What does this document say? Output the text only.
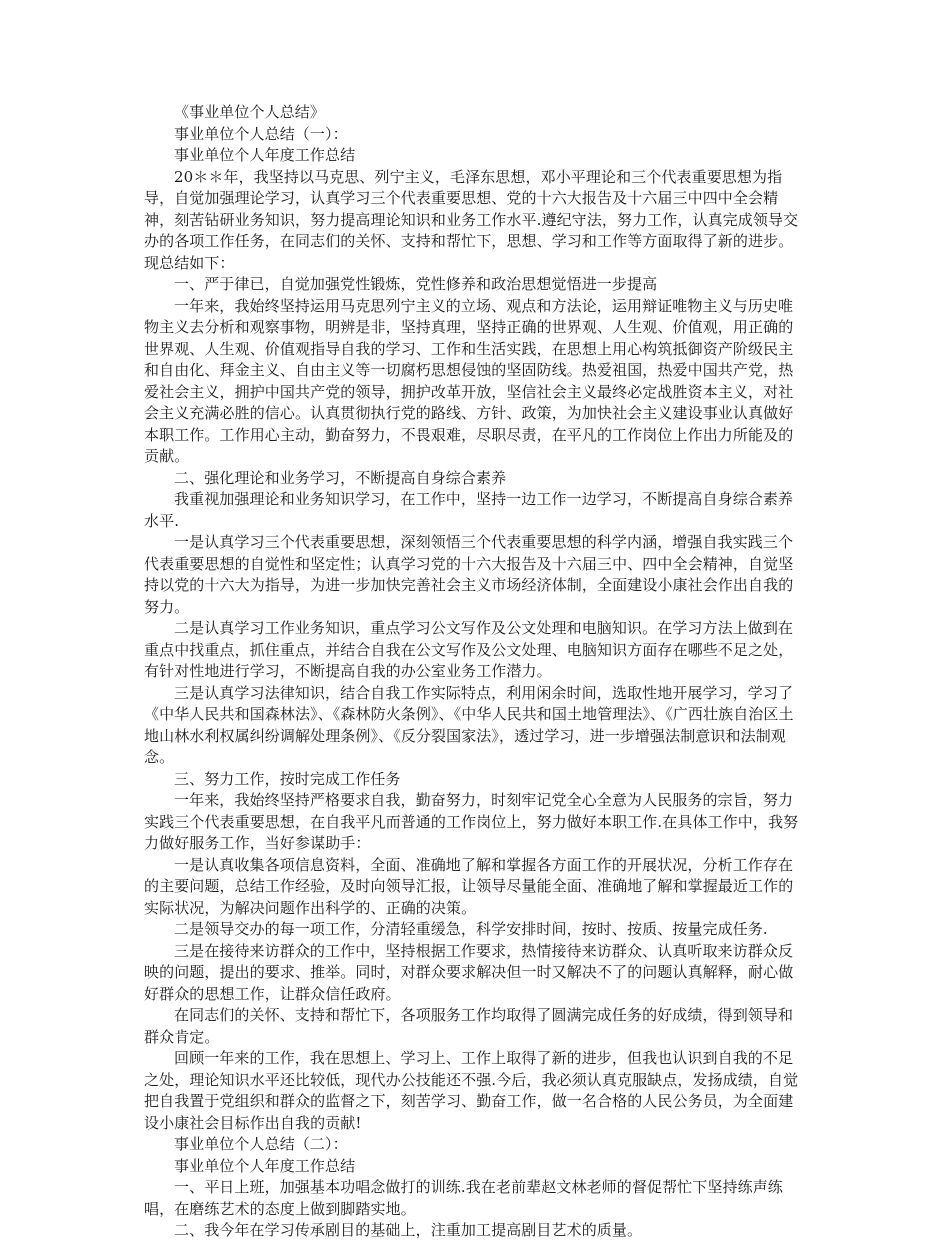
《事业单位个人总结》

事业单位个人总结（一）：

事业单位个人年度工作总结

20＊＊年，我坚持以马克思、列宁主义，毛泽东思想，邓小平理论和三个代表重要思想为指导，自觉加强理论学习，认真学习三个代表重要思想、党的十六大报告及十六届三中四中全会精神，刻苦钻研业务知识，努力提高理论知识和业务工作水平.遵纪守法，努力工作，认真完成领导交办的各项工作任务，在同志们的关怀、支持和帮忙下，思想、学习和工作等方面取得了新的进步。现总结如下：

一、严于律已，自觉加强党性锻炼，党性修养和政治思想觉悟进一步提高

一年来，我始终坚持运用马克思列宁主义的立场、观点和方法论，运用辩证唯物主义与历史唯物主义去分析和观察事物，明辨是非，坚持真理，坚持正确的世界观、人生观、价值观，用正确的世界观、人生观、价值观指导自我的学习、工作和生活实践，在思想上用心构筑抵御资产阶级民主和自由化、拜金主义、自由主义等一切腐朽思想侵蚀的坚固防线。热爱祖国，热爱中国共产党，热爱社会主义，拥护中国共产党的领导，拥护改革开放，坚信社会主义最终必定战胜资本主义，对社会主义充满必胜的信心。认真贯彻执行党的路线、方针、政策，为加快社会主义建设事业认真做好本职工作。工作用心主动，勤奋努力，不畏艰难，尽职尽责，在平凡的工作岗位上作出力所能及的贡献。

二、强化理论和业务学习，不断提高自身综合素养

我重视加强理论和业务知识学习，在工作中，坚持一边工作一边学习，不断提高自身综合素养水平.

一是认真学习三个代表重要思想，深刻领悟三个代表重要思想的科学内涵，增强自我实践三个代表重要思想的自觉性和坚定性；认真学习党的十六大报告及十六届三中、四中全会精神，自觉坚持以党的十六大为指导，为进一步加快完善社会主义市场经济体制，全面建设小康社会作出自我的努力。

二是认真学习工作业务知识，重点学习公文写作及公文处理和电脑知识。在学习方法上做到在重点中找重点，抓住重点，并结合自我在公文写作及公文处理、电脑知识方面存在哪些不足之处，有针对性地进行学习，不断提高自我的办公室业务工作潜力。

三是认真学习法律知识，结合自我工作实际特点，利用闲余时间，选取性地开展学习，学习了《中华人民共和国森林法》、《森林防火条例》、《中华人民共和国土地管理法》、《广西壮族自治区土地山林水利权属纠纷调解处理条例》、《反分裂国家法》，透过学习，进一步增强法制意识和法制观念。

三、努力工作，按时完成工作任务

一年来，我始终坚持严格要求自我，勤奋努力，时刻牢记党全心全意为人民服务的宗旨，努力实践三个代表重要思想，在自我平凡而普通的工作岗位上，努力做好本职工作.在具体工作中，我努力做好服务工作，当好参谋助手：

一是认真收集各项信息资料，全面、准确地了解和掌握各方面工作的开展状况，分析工作存在的主要问题，总结工作经验，及时向领导汇报，让领导尽量能全面、准确地了解和掌握最近工作的实际状况，为解决问题作出科学的、正确的决策。

二是领导交办的每一项工作，分清轻重缓急，科学安排时间，按时、按质、按量完成任务.

三是在接待来访群众的工作中，坚持根据工作要求，热情接待来访群众、认真听取来访群众反映的问题，提出的要求、推举。同时，对群众要求解决但一时又解决不了的问题认真解释，耐心做好群众的思想工作，让群众信任政府。

在同志们的关怀、支持和帮忙下，各项服务工作均取得了圆满完成任务的好成绩，得到领导和群众肯定。

回顾一年来的工作，我在思想上、学习上、工作上取得了新的进步，但我也认识到自我的不足之处，理论知识水平还比较低，现代办公技能还不强.今后，我必须认真克服缺点，发扬成绩，自觉把自我置于党组织和群众的监督之下，刻苦学习、勤奋工作，做一名合格的人民公务员，为全面建设小康社会目标作出自我的贡献!

事业单位个人总结（二）：

事业单位个人年度工作总结

一、平日上班，加强基本功唱念做打的训练.我在老前辈赵文林老师的督促帮忙下坚持练声练唱，在磨练艺术的态度上做到脚踏实地。

二、我今年在学习传承剧目的基础上，注重加工提高剧目艺术的质量。
